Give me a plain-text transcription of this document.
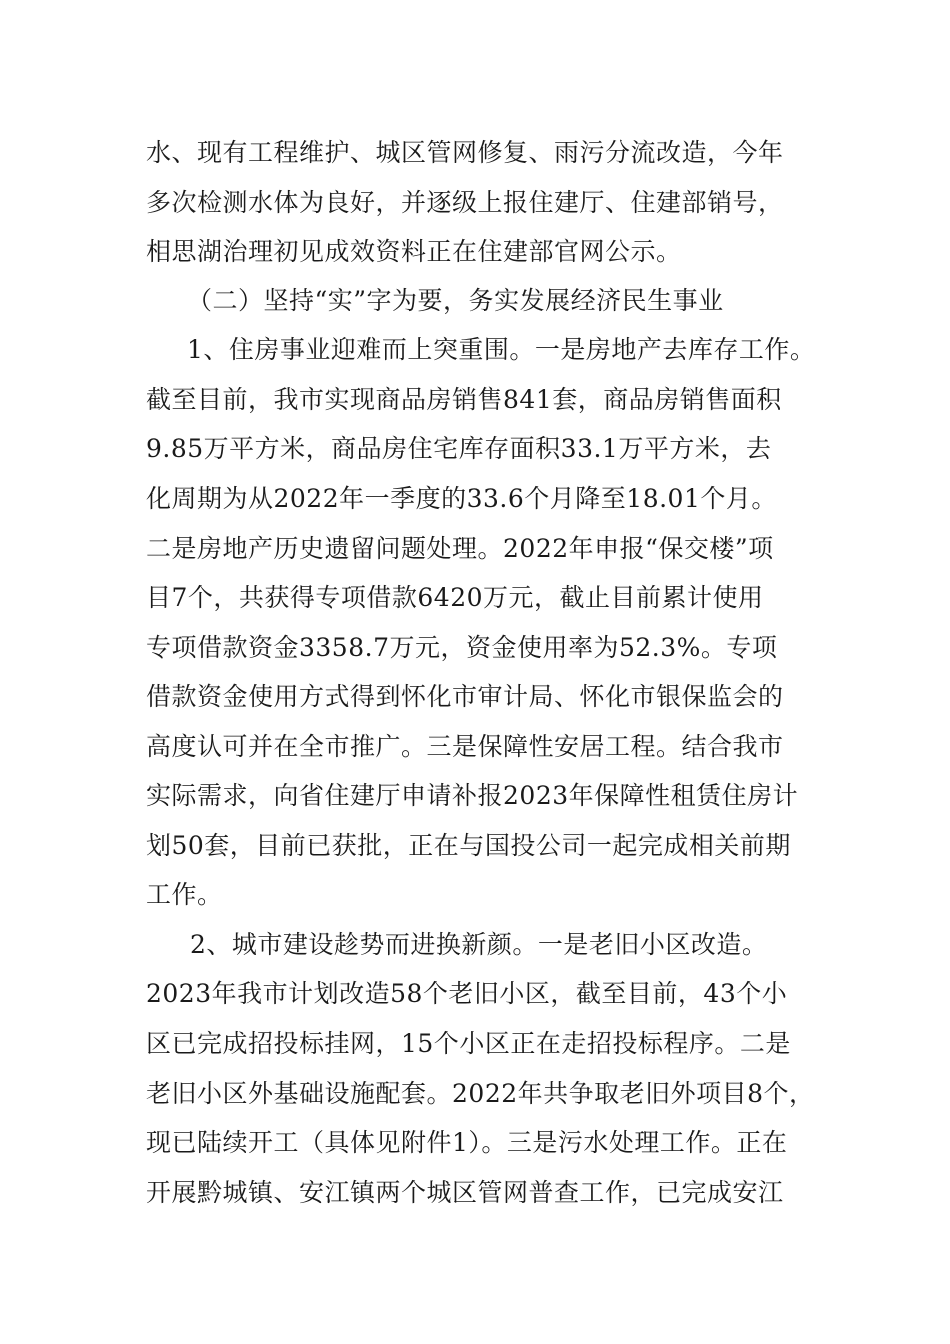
水、现有工程维护、城区管网修复、雨污分流改造，今年
多次检测水体为良好，并逐级上报住建厅、住建部销号，
相思湖治理初见成效资料正在住建部官网公示。
（二）坚持“实”字为要，务实发展经济民生事业
1、住房事业迎难而上突重围。一是房地产去库存工作。
截至目前，我市实现商品房销售841套，商品房销售面积
9.85万平方米，商品房住宅库存面积33.1万平方米，去
化周期为从2022年一季度的33.6个月降至18.01个月。
二是房地产历史遗留问题处理。2022年申报“保交楼”项
目7个，共获得专项借款6420万元，截止目前累计使用
专项借款资金3358.7万元，资金使用率为52.3%。专项
借款资金使用方式得到怀化市审计局、怀化市银保监会的
高度认可并在全市推广。三是保障性安居工程。结合我市
实际需求，向省住建厅申请补报2023年保障性租赁住房计
划50套，目前已获批，正在与国投公司一起完成相关前期
工作。
2、城市建设趁势而进换新颜。一是老旧小区改造。
2023年我市计划改造58个老旧小区，截至目前，43个小
区已完成招投标挂网，15个小区正在走招投标程序。二是
老旧小区外基础设施配套。2022年共争取老旧外项目8个，
现已陆续开工（具体见附件1）。三是污水处理工作。正在
开展黔城镇、安江镇两个城区管网普查工作，已完成安江
